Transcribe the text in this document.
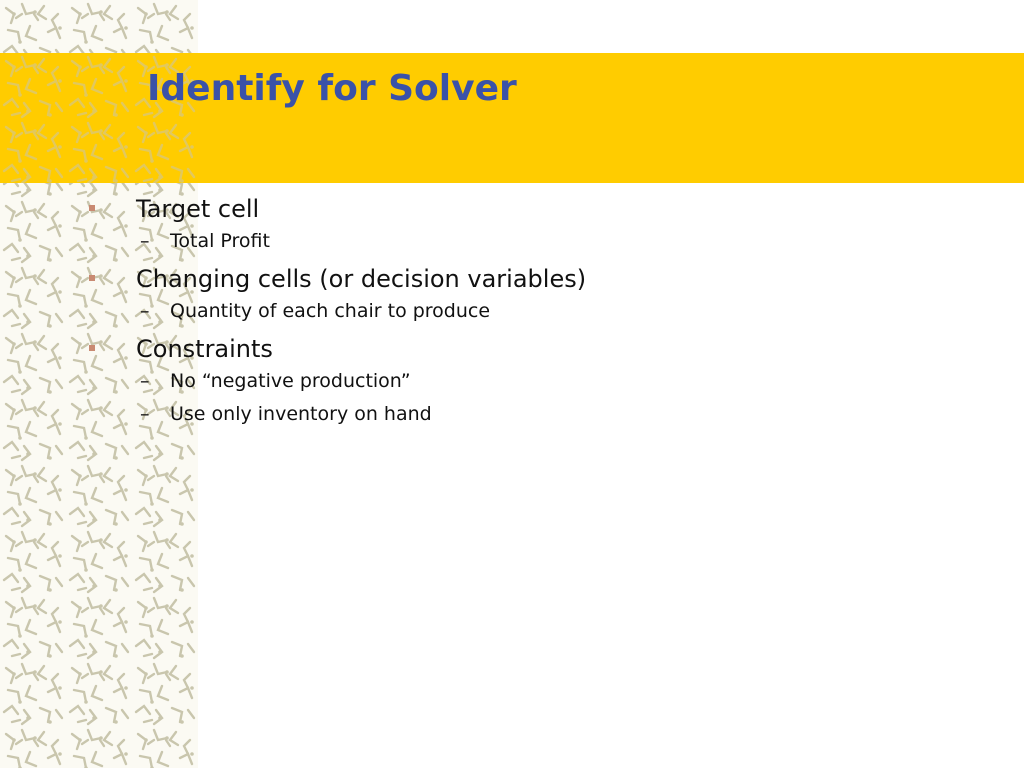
Identify for Solver
Target cell
– Total Profit
Changing cells (or decision variables)
– Quantity of each chair to produce
Constraints
– No “negative production”
– Use only inventory on hand
